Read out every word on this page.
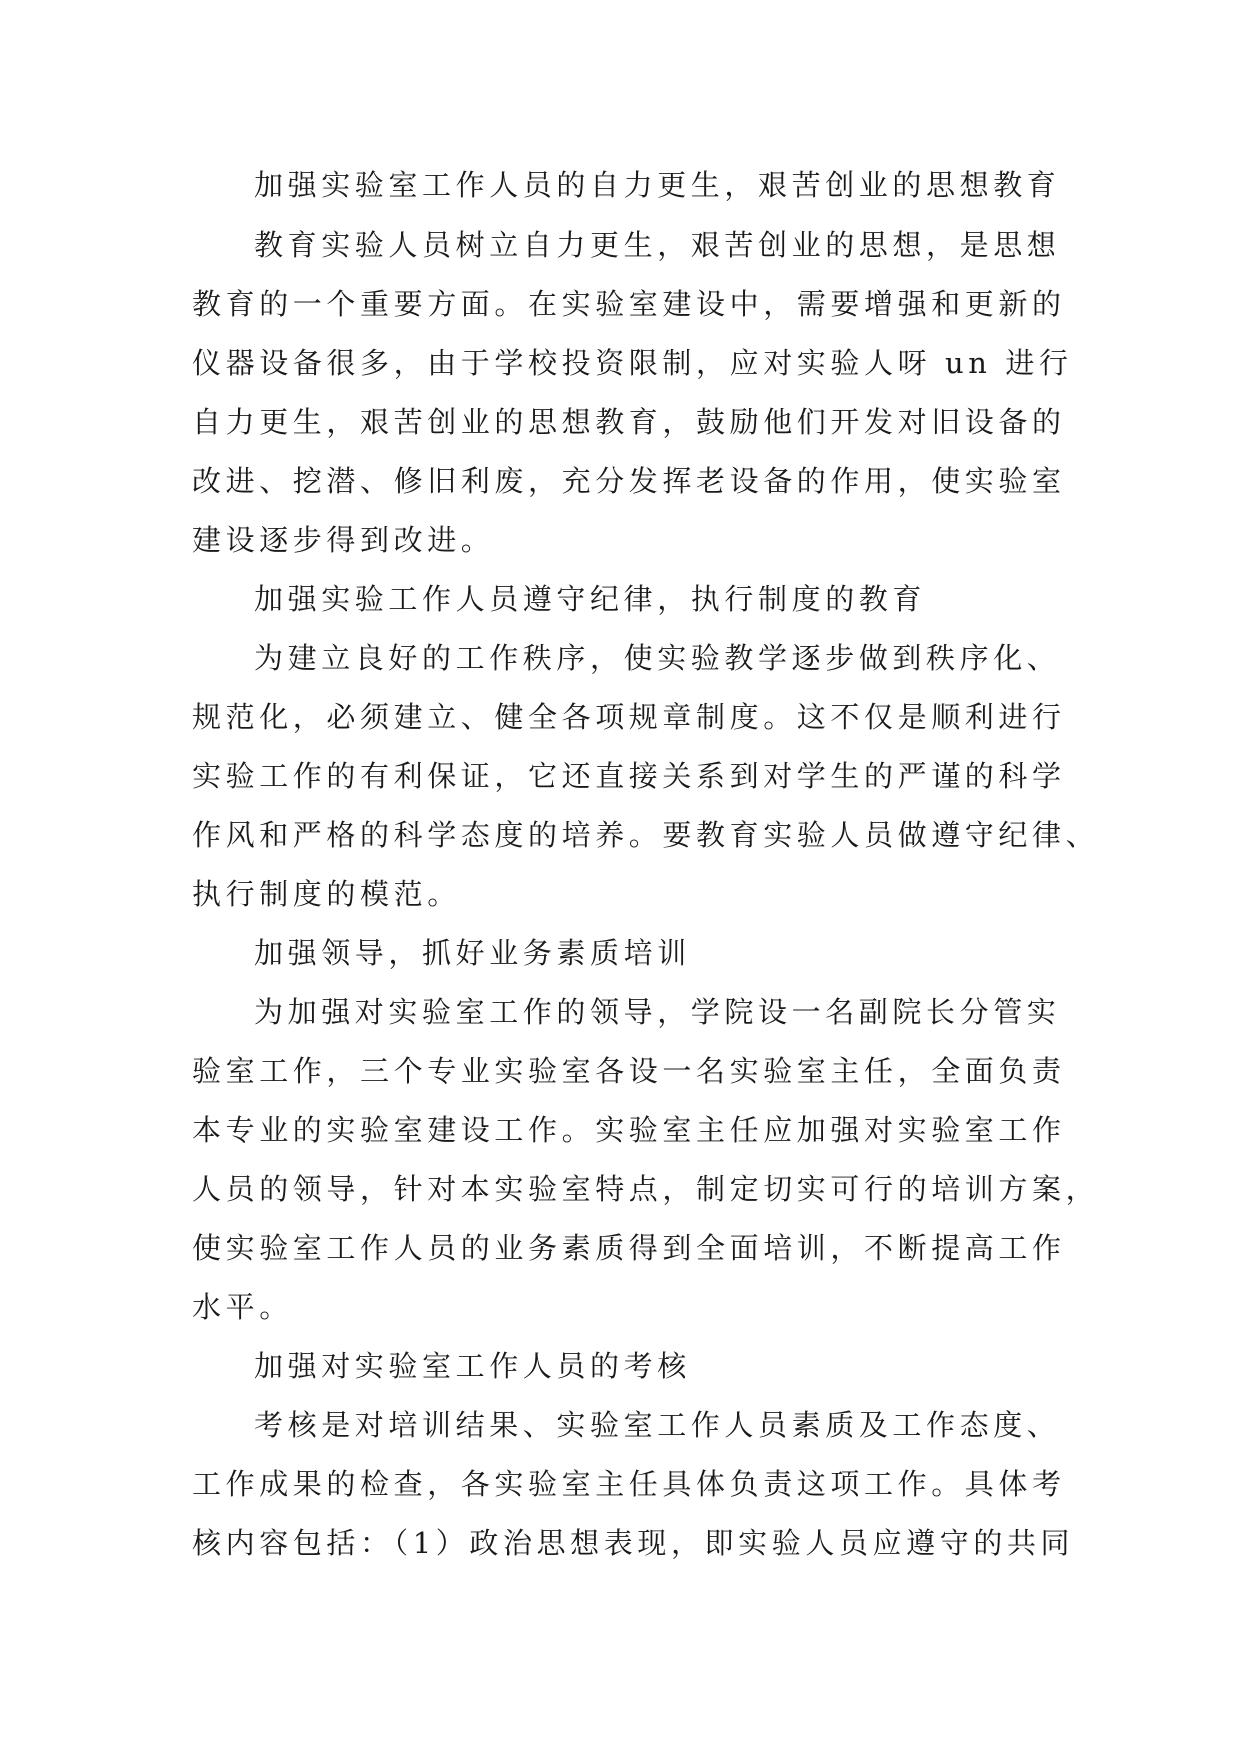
加强实验室工作人员的自力更生，艰苦创业的思想教育
教育实验人员树立自力更生，艰苦创业的思想，是思想
教育的一个重要方面。在实验室建设中，需要增强和更新的
仪器设备很多，由于学校投资限制，应对实验人呀 un 进行
自力更生，艰苦创业的思想教育，鼓励他们开发对旧设备的
改进、挖潜、修旧利废，充分发挥老设备的作用，使实验室
建设逐步得到改进。
加强实验工作人员遵守纪律，执行制度的教育
为建立良好的工作秩序，使实验教学逐步做到秩序化、
规范化，必须建立、健全各项规章制度。这不仅是顺利进行
实验工作的有利保证，它还直接关系到对学生的严谨的科学
作风和严格的科学态度的培养。要教育实验人员做遵守纪律、
执行制度的模范。
加强领导，抓好业务素质培训
为加强对实验室工作的领导，学院设一名副院长分管实
验室工作，三个专业实验室各设一名实验室主任，全面负责
本专业的实验室建设工作。实验室主任应加强对实验室工作
人员的领导，针对本实验室特点，制定切实可行的培训方案，
使实验室工作人员的业务素质得到全面培训，不断提高工作
水平。
加强对实验室工作人员的考核
考核是对培训结果、实验室工作人员素质及工作态度、
工作成果的检查，各实验室主任具体负责这项工作。具体考
核内容包括：（1）政治思想表现，即实验人员应遵守的共同
